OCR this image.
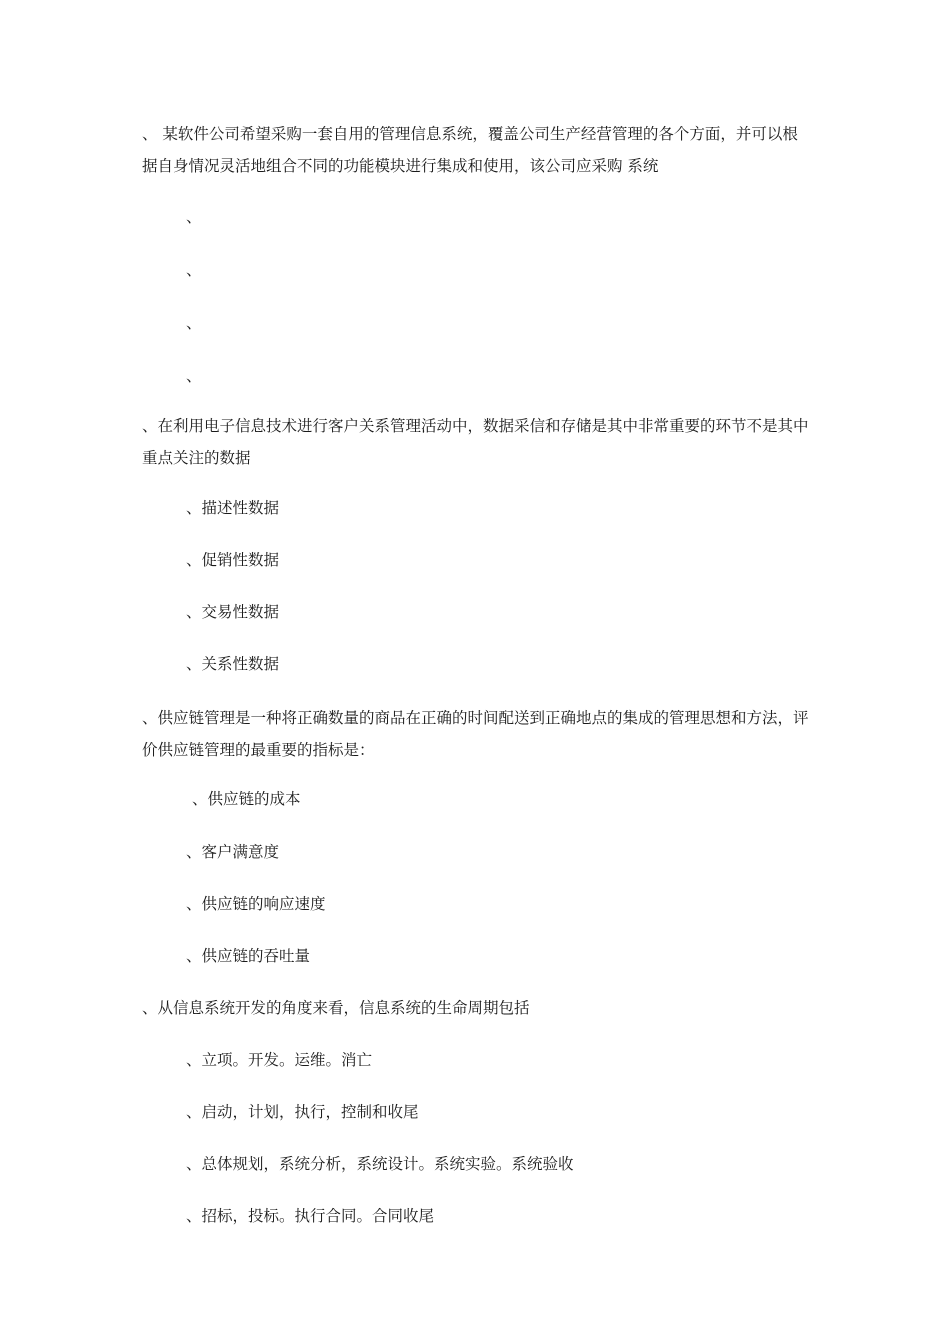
、 某软件公司希望采购一套自用的管理信息系统，覆盖公司生产经营管理的各个方面，并可以根据自身情况灵活地组合不同的功能模块进行集成和使用，该公司应采购 系统

、

、

、

、

、在利用电子信息技术进行客户关系管理活动中，数据采信和存储是其中非常重要的环节不是其中重点关注的数据

、描述性数据

、促销性数据

、交易性数据

、关系性数据

、供应链管理是一种将正确数量的商品在正确的时间配送到正确地点的集成的管理思想和方法，评价供应链管理的最重要的指标是：

、供应链的成本

、客户满意度

、供应链的响应速度

、供应链的吞吐量

、从信息系统开发的角度来看，信息系统的生命周期包括

、立项。开发。运维。消亡

、启动，计划，执行，控制和收尾

、总体规划，系统分析，系统设计。系统实验。系统验收

、招标，投标。执行合同。合同收尾
